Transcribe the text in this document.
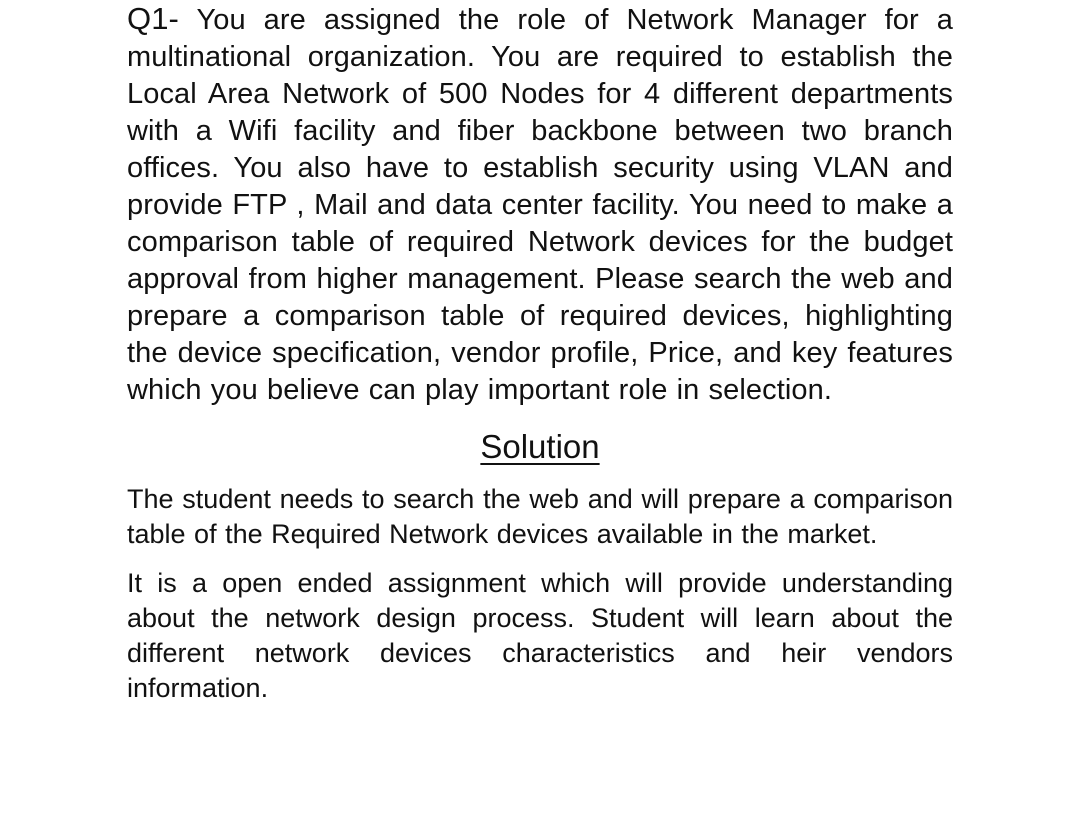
Q1- You are assigned the role of Network Manager for a multinational organization. You are required to establish the Local Area Network of 500 Nodes for 4 different departments with a Wifi facility and fiber backbone between two branch offices. You also have to establish security using VLAN and provide FTP , Mail and data center facility. You need to make a comparison table of required Network devices for the budget approval from higher management. Please search the web and prepare a comparison table of required devices, highlighting the device specification, vendor profile, Price, and key features which you believe can play important role in selection.

Solution

The student needs to search the web and will prepare a comparison table of the Required Network devices available in the market.

It is a open ended assignment which will provide understanding about the network design process. Student will learn about the different network devices characteristics and heir vendors information.
